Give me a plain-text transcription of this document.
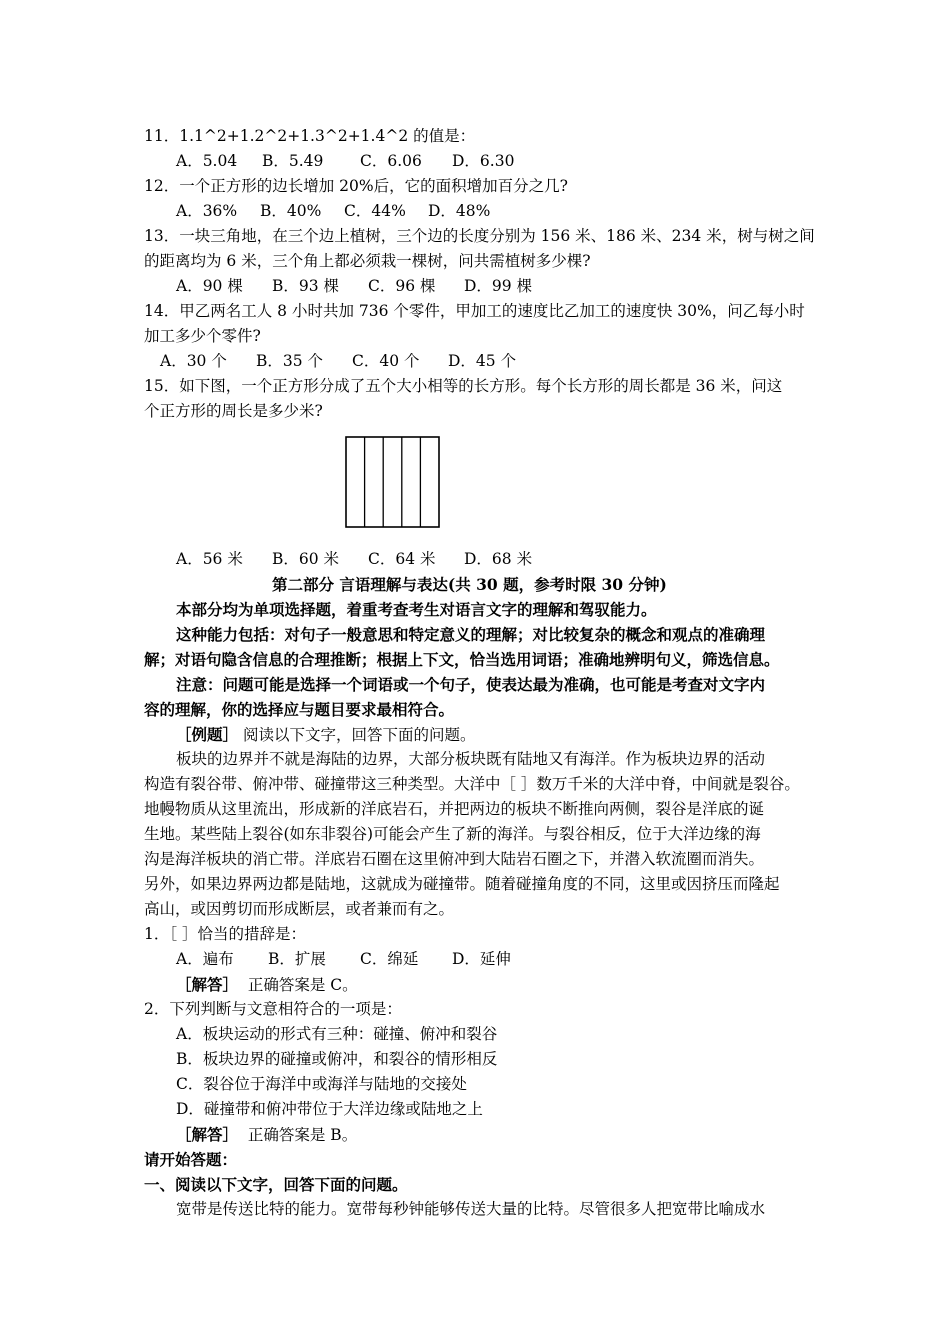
11．1.1^2+1.2^2+1.3^2+1.4^2 的值是：
A．5.04 B．5.49 C．6.06 D．6.30
12．一个正方形的边长增加 20%后，它的面积增加百分之几?
A．36% B．40% C．44% D．48%
13．一块三角地，在三个边上植树，三个边的长度分别为 156 米、186 米、234 米，树与树之间
的距离均为 6 米，三个角上都必须栽一棵树，问共需植树多少棵?
A．90 棵 B．93 棵 C．96 棵 D．99 棵
14．甲乙两名工人 8 小时共加 736 个零件，甲加工的速度比乙加工的速度快 30%，问乙每小时
加工多少个零件?
A．30 个 B．35 个 C．40 个 D．45 个
15．如下图，一个正方形分成了五个大小相等的长方形。每个长方形的周长都是 36 米，问这
个正方形的周长是多少米?
A．56 米 B．60 米 C．64 米 D．68 米
第二部分 言语理解与表达(共 30 题，参考时限 30 分钟)
本部分均为单项选择题，着重考查考生对语言文字的理解和驾驭能力。
这种能力包括：对句子一般意思和特定意义的理解；对比较复杂的概念和观点的准确理
解；对语句隐含信息的合理推断；根据上下文，恰当选用词语；准确地辨明句义，筛选信息。
注意：问题可能是选择一个词语或一个句子，使表达最为准确，也可能是考查对文字内
容的理解，你的选择应与题目要求最相符合。
［例题］ 阅读以下文字，回答下面的问题。
板块的边界并不就是海陆的边界，大部分板块既有陆地又有海洋。作为板块边界的活动
构造有裂谷带、俯冲带、碰撞带这三种类型。大洋中［ ］数万千米的大洋中脊，中间就是裂谷。
地幔物质从这里流出，形成新的洋底岩石，并把两边的板块不断推向两侧，裂谷是洋底的诞
生地。某些陆上裂谷(如东非裂谷)可能会产生了新的海洋。与裂谷相反，位于大洋边缘的海
沟是海洋板块的消亡带。洋底岩石圈在这里俯冲到大陆岩石圈之下，并潜入软流圈而消失。
另外，如果边界两边都是陆地，这就成为碰撞带。随着碰撞角度的不同，这里或因挤压而隆起
高山，或因剪切而形成断层，或者兼而有之。
1．［ ］恰当的措辞是：
A．遍布 B．扩展 C．绵延 D．延伸
［解答］ 正确答案是 C。
2．下列判断与文意相符合的一项是：
A．板块运动的形式有三种：碰撞、俯冲和裂谷
B．板块边界的碰撞或俯冲，和裂谷的情形相反
C．裂谷位于海洋中或海洋与陆地的交接处
D．碰撞带和俯冲带位于大洋边缘或陆地之上
［解答］ 正确答案是 B。
请开始答题：
一、阅读以下文字，回答下面的问题。
宽带是传送比特的能力。宽带每秒钟能够传送大量的比特。尽管很多人把宽带比喻成水
